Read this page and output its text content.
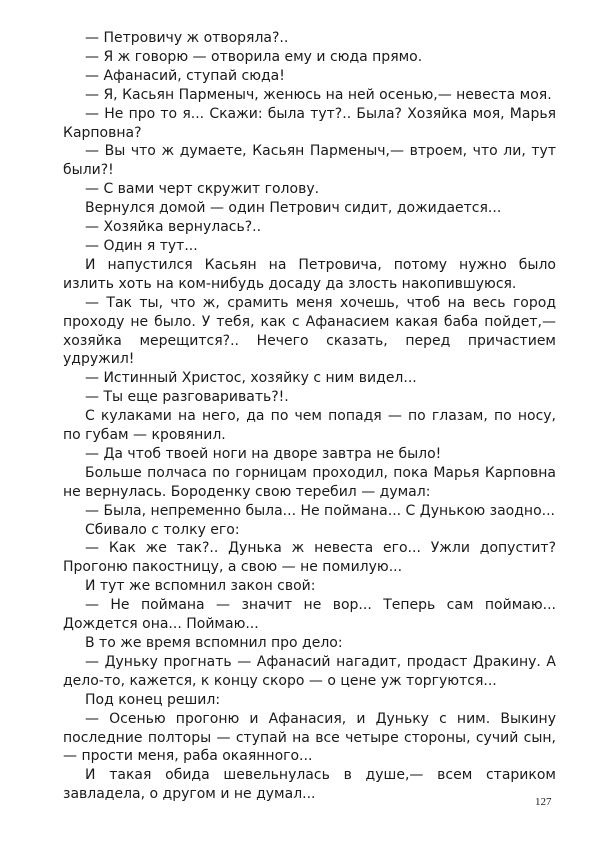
— Петровичу ж отворяла?..

— Я ж говорю — отворила ему и сюда прямо.

— Афанасий, ступай сюда!

— Я, Касьян Парменыч, женюсь на ней осенью,— невеста моя.

— Не про то я... Скажи: была тут?.. Была? Хозяйка моя, Марья Карповна?

— Вы что ж думаете, Касьян Парменыч,— втроем, что ли, тут были?!

— С вами черт скружит голову.

Вернулся домой — один Петрович сидит, дожидается...

— Хозяйка вернулась?..

— Один я тут...

И напустился Касьян на Петровича, потому нужно было излить хоть на ком-нибудь досаду да злость накопившуюся.

— Так ты, что ж, срамить меня хочешь, чтоб на весь город проходу не было. У тебя, как с Афанасием какая баба пойдет,— хозяйка мерещится?.. Нечего сказать, перед причастием удружил!

— Истинный Христос, хозяйку с ним видел...

— Ты еще разговаривать?!.

С кулаками на него, да по чем попадя — по глазам, по носу, по губам — кровянил.

— Да чтоб твоей ноги на дворе завтра не было!

Больше полчаса по горницам проходил, пока Марья Карповна не вернулась. Бороденку свою теребил — думал:

— Была, непременно была... Не поймана... С Дунькою заодно...

Сбивало с толку его:

— Как же так?.. Дунька ж невеста его... Ужли допустит? Прогоню пакостницу, а свою — не помилую...

И тут же вспомнил закон свой:

— Не поймана — значит не вор... Теперь сам поймаю... Дождется она... Поймаю...

В то же время вспомнил про дело:

— Дуньку прогнать — Афанасий нагадит, продаст Дракину. А дело-то, кажется, к концу скоро — о цене уж торгуются...

Под конец решил:

— Осенью прогоню и Афанасия, и Дуньку с ним. Выкину последние полторы — ступай на все четыре стороны, сучий сын,— прости меня, раба окаянного...

И такая обида шевельнулась в душе,— всем стариком завладела, о другом и не думал...	127
